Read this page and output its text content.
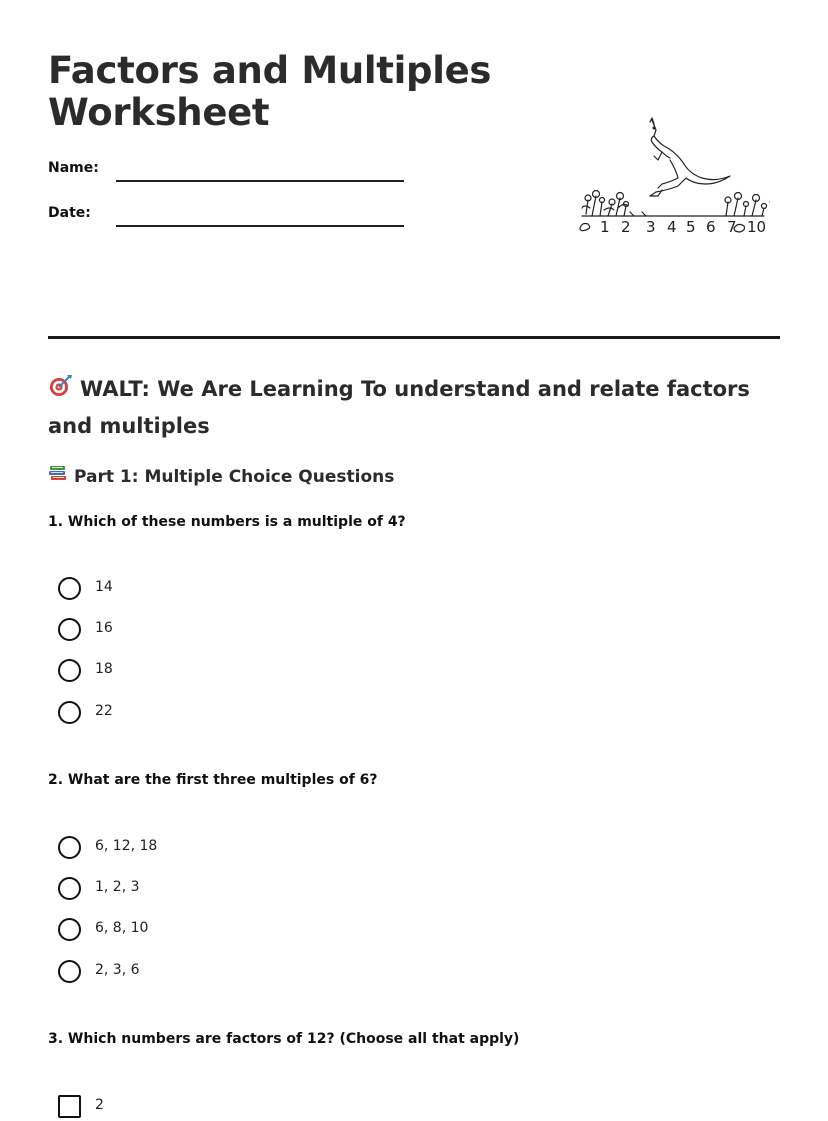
Factors and Multiples Worksheet
Name:
Date:
1 2 3 4 5 6 7 10
WALT: We Are Learning To understand and relate factors and multiples
Part 1: Multiple Choice Questions
1. Which of these numbers is a multiple of 4?
14
16
18
22
2. What are the first three multiples of 6?
6, 12, 18
1, 2, 3
6, 8, 10
2, 3, 6
3. Which numbers are factors of 12? (Choose all that apply)
2
